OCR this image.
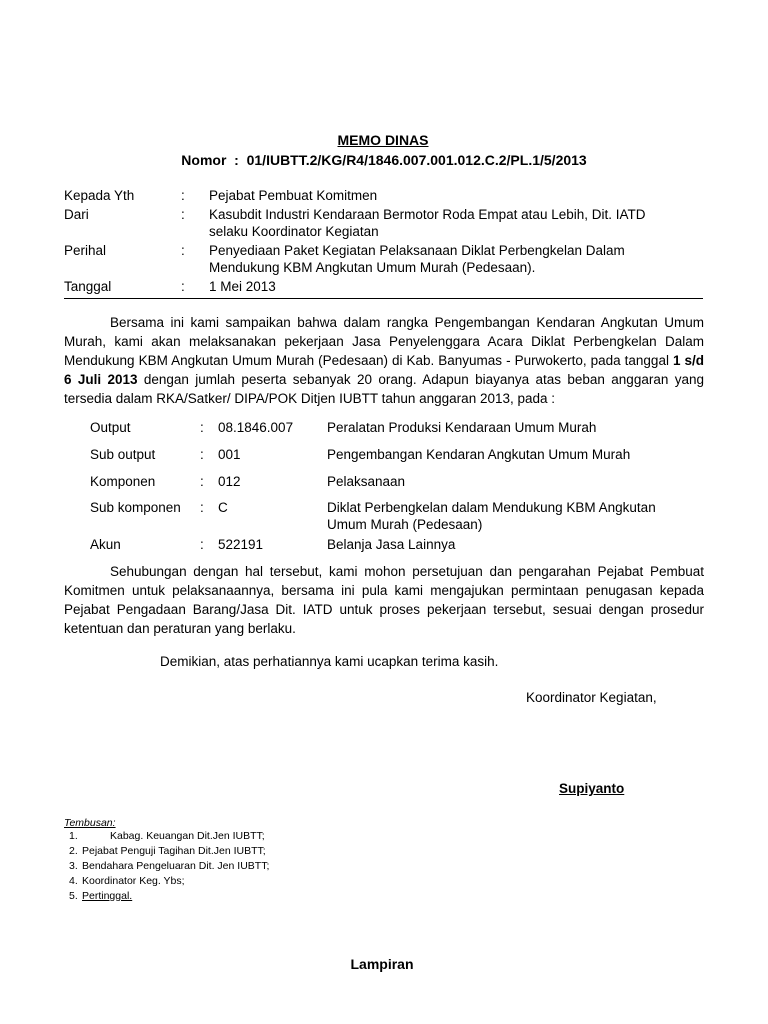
MEMO DINAS
Nomor  :  01/IUBTT.2/KG/R4/1846.007.001.012.C.2/PL.1/5/2013
Kepada Yth	: Pejabat Pembuat Komitmen
Dari	: Kasubdit Industri Kendaraan Bermotor Roda Empat atau Lebih, Dit. IATD selaku Koordinator Kegiatan
Perihal	: Penyediaan Paket Kegiatan Pelaksanaan Diklat Perbengkelan Dalam Mendukung KBM Angkutan Umum Murah (Pedesaan).
Tanggal	: 1 Mei 2013
Bersama ini kami sampaikan bahwa dalam rangka Pengembangan Kendaran Angkutan Umum Murah, kami akan melaksanakan pekerjaan Jasa Penyelenggara Acara Diklat Perbengkelan Dalam Mendukung KBM Angkutan Umum Murah (Pedesaan) di Kab. Banyumas - Purwokerto, pada tanggal 1 s/d 6 Juli 2013 dengan jumlah peserta sebanyak 20 orang. Adapun biayanya atas beban anggaran yang tersedia dalam RKA/Satker/ DIPA/POK Ditjen IUBTT tahun anggaran 2013, pada :
Output	: 08.1846.007	Peralatan Produksi Kendaraan Umum Murah
Sub output	: 001	Pengembangan Kendaran Angkutan Umum Murah
Komponen	: 012	Pelaksanaan
Sub komponen	: C	Diklat Perbengkelan dalam Mendukung KBM Angkutan Umum Murah (Pedesaan)
Akun	: 522191	Belanja Jasa Lainnya
Sehubungan dengan hal tersebut, kami mohon persetujuan dan pengarahan Pejabat Pembuat Komitmen untuk pelaksanaannya, bersama ini pula kami mengajukan permintaan penugasan kepada Pejabat Pengadaan Barang/Jasa Dit. IATD untuk proses pekerjaan tersebut, sesuai dengan prosedur ketentuan dan peraturan yang berlaku.
Demikian, atas perhatiannya kami ucapkan terima kasih.
Koordinator Kegiatan,
Supiyanto
Tembusan:
1.	Kabag. Keuangan Dit.Jen IUBTT;
2. Pejabat Penguji Tagihan Dit.Jen IUBTT;
3. Bendahara Pengeluaran Dit. Jen IUBTT;
4. Koordinator Keg. Ybs;
5. Pertinggal.
Lampiran
